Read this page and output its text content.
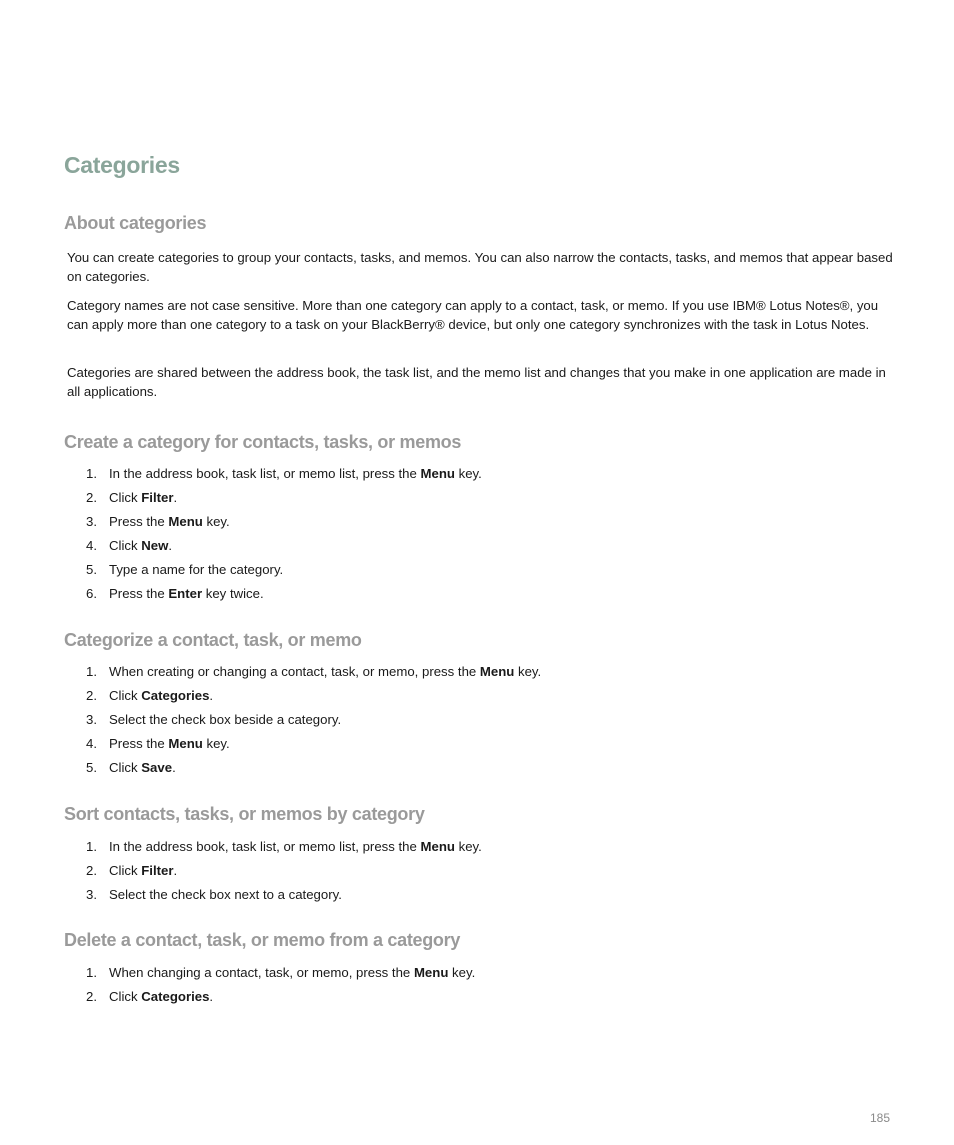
Categories
About categories

You can create categories to group your contacts, tasks, and memos. You can also narrow the contacts, tasks, and memos that appear based on categories.

Category names are not case sensitive. More than one category can apply to a contact, task, or memo. If you use IBM® Lotus Notes®, you can apply more than one category to a task on your BlackBerry® device, but only one category synchronizes with the task in Lotus Notes.

Categories are shared between the address book, the task list, and the memo list and changes that you make in one application are made in all applications.

Create a category for contacts, tasks, or memos
1. In the address book, task list, or memo list, press the Menu key.
2. Click Filter.
3. Press the Menu key.
4. Click New.
5. Type a name for the category.
6. Press the Enter key twice.
Categorize a contact, task, or memo
1. When creating or changing a contact, task, or memo, press the Menu key.
2. Click Categories.
3. Select the check box beside a category.
4. Press the Menu key.
5. Click Save.
Sort contacts, tasks, or memos by category
1. In the address book, task list, or memo list, press the Menu key.
2. Click Filter.
3. Select the check box next to a category.
Delete a contact, task, or memo from a category
1. When changing a contact, task, or memo, press the Menu key.
2. Click Categories.
185
